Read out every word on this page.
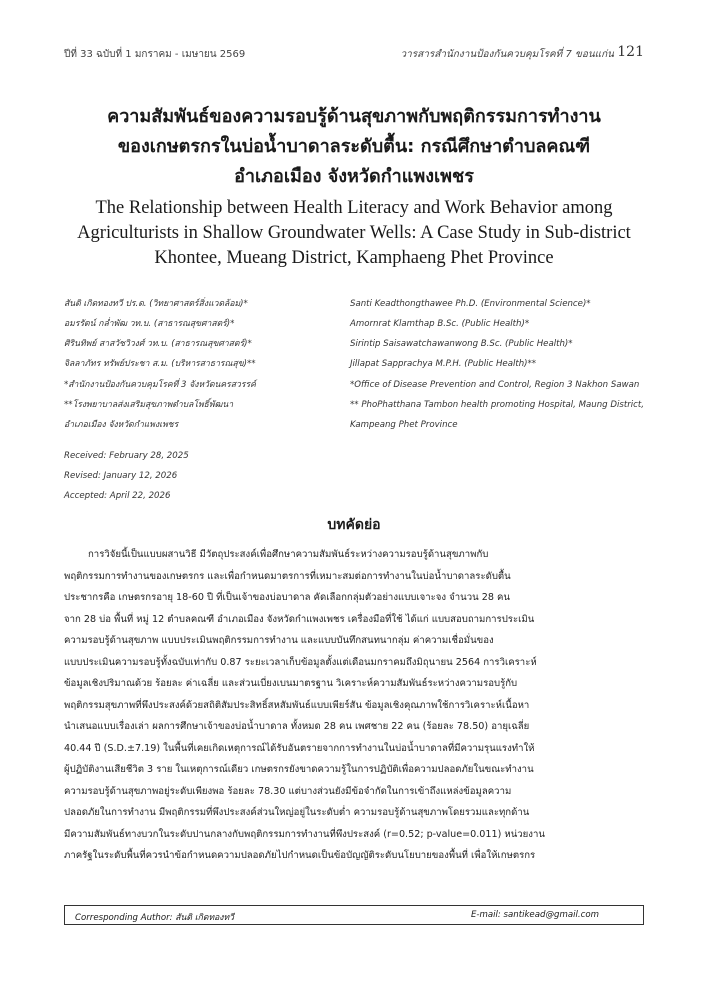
ปีที่ 33 ฉบับที่ 1 มกราคม - เมษายน 2569	วารสารสำนักงานป้องกันควบคุมโรคที่ 7 ขอนแก่น 121
ความสัมพันธ์ของความรอบรู้ด้านสุขภาพกับพฤติกรรมการทำงาน
ของเกษตรกรในบ่อน้ำบาดาลระดับตื้น: กรณีศึกษาตำบลคณฑี
อำเภอเมือง จังหวัดกำแพงเพชร
The Relationship between Health Literacy and Work Behavior among
Agriculturists in Shallow Groundwater Wells: A Case Study in Sub-district
Khontee, Mueang District, Kamphaeng Phet Province
สันติ เกิดทองทวี ปร.ด. (วิทยาศาสตร์สิ่งแวดล้อม)*
อมรรัตน์ กล่ำพัฒ วท.บ. (สาธารณสุขศาสตร์)*
ศิรินทิพย์ สาสวัชวิวงศ์ วท.บ. (สาธารณสุขศาสตร์)*
จิลลาภัทร ทรัพย์ประชา ส.ม. (บริหารสาธารณสุข)**
Santi Keadthongthawee Ph.D. (Environmental Science)*
Amornrat Klamthap B.Sc. (Public Health)*
Sirintip Saisawatchawanwong B.Sc. (Public Health)*
Jillapat Sapprachya M.P.H. (Public Health)**
*สำนักงานป้องกันควบคุมโรคที่ 3 จังหวัดนครสวรรค์
**โรงพยาบาลส่งเสริมสุขภาพตำบลโพธิ์พัฒนา
อำเภอเมือง จังหวัดกำแพงเพชร
*Office of Disease Prevention and Control, Region 3 Nakhon Sawan
** PhoPhatthana Tambon health promoting Hospital, Maung District,
Kampeang Phet Province
Received: February 28, 2025
Revised: January 12, 2026
Accepted: April 22, 2026
บทคัดย่อ
การวิจัยนี้เป็นแบบผสานวิธี มีวัตถุประสงค์เพื่อศึกษาความสัมพันธ์ระหว่างความรอบรู้ด้านสุขภาพกับ
พฤติกรรมการทำงานของเกษตรกร และเพื่อกำหนดมาตรการที่เหมาะสมต่อการทำงานในบ่อน้ำบาดาลระดับตื้น
ประชากรคือ เกษตรกรอายุ 18-60 ปี ที่เป็นเจ้าของบ่อบาดาล คัดเลือกกลุ่มตัวอย่างแบบเจาะจง จำนวน 28 คน
จาก 28 บ่อ พื้นที่ หมู่ 12 ตำบลคณฑี อำเภอเมือง จังหวัดกำแพงเพชร เครื่องมือที่ใช้ ได้แก่ แบบสอบถามการประเมิน
ความรอบรู้ด้านสุขภาพ แบบประเมินพฤติกรรมการทำงาน และแบบบันทึกสนทนากลุ่ม ค่าความเชื่อมั่นของ
แบบประเมินความรอบรู้ทั้งฉบับเท่ากับ 0.87 ระยะเวลาเก็บข้อมูลตั้งแต่เดือนมกราคมถึงมิถุนายน 2564 การวิเคราะห์
ข้อมูลเชิงปริมาณด้วย ร้อยละ ค่าเฉลี่ย และส่วนเบี่ยงเบนมาตรฐาน วิเคราะห์ความสัมพันธ์ระหว่างความรอบรู้กับ
พฤติกรรมสุขภาพที่พึงประสงค์ด้วยสถิติสัมประสิทธิ์สหสัมพันธ์แบบเพียร์สัน ข้อมูลเชิงคุณภาพใช้การวิเคราะห์เนื้อหา
นำเสนอแบบเรื่องเล่า ผลการศึกษาเจ้าของบ่อน้ำบาดาล ทั้งหมด 28 คน เพศชาย 22 คน (ร้อยละ 78.50) อายุเฉลี่ย
40.44 ปี (S.D.±7.19) ในพื้นที่เคยเกิดเหตุการณ์ได้รับอันตรายจากการทำงานในบ่อน้ำบาดาลที่มีความรุนแรงทำให้
ผู้ปฏิบัติงานเสียชีวิต 3 ราย ในเหตุการณ์เดียว เกษตรกรยังขาดความรู้ในการปฏิบัติเพื่อความปลอดภัยในขณะทำงาน
ความรอบรู้ด้านสุขภาพอยู่ระดับเพียงพอ ร้อยละ 78.30 แต่บางส่วนยังมีข้อจำกัดในการเข้าถึงแหล่งข้อมูลความ
ปลอดภัยในการทำงาน มีพฤติกรรมที่พึงประสงค์ส่วนใหญ่อยู่ในระดับต่ำ ความรอบรู้ด้านสุขภาพโดยรวมและทุกด้าน
มีความสัมพันธ์ทางบวกในระดับปานกลางกับพฤติกรรมการทำงานที่พึงประสงค์ (r=0.52; p-value=0.011) หน่วยงาน
ภาครัฐในระดับพื้นที่ควรนำข้อกำหนดความปลอดภัยไปกำหนดเป็นข้อบัญญัติระดับนโยบายของพื้นที่ เพื่อให้เกษตรกร
Corresponding Author: สันติ เกิดทองทวี	E-mail: santikead@gmail.com
